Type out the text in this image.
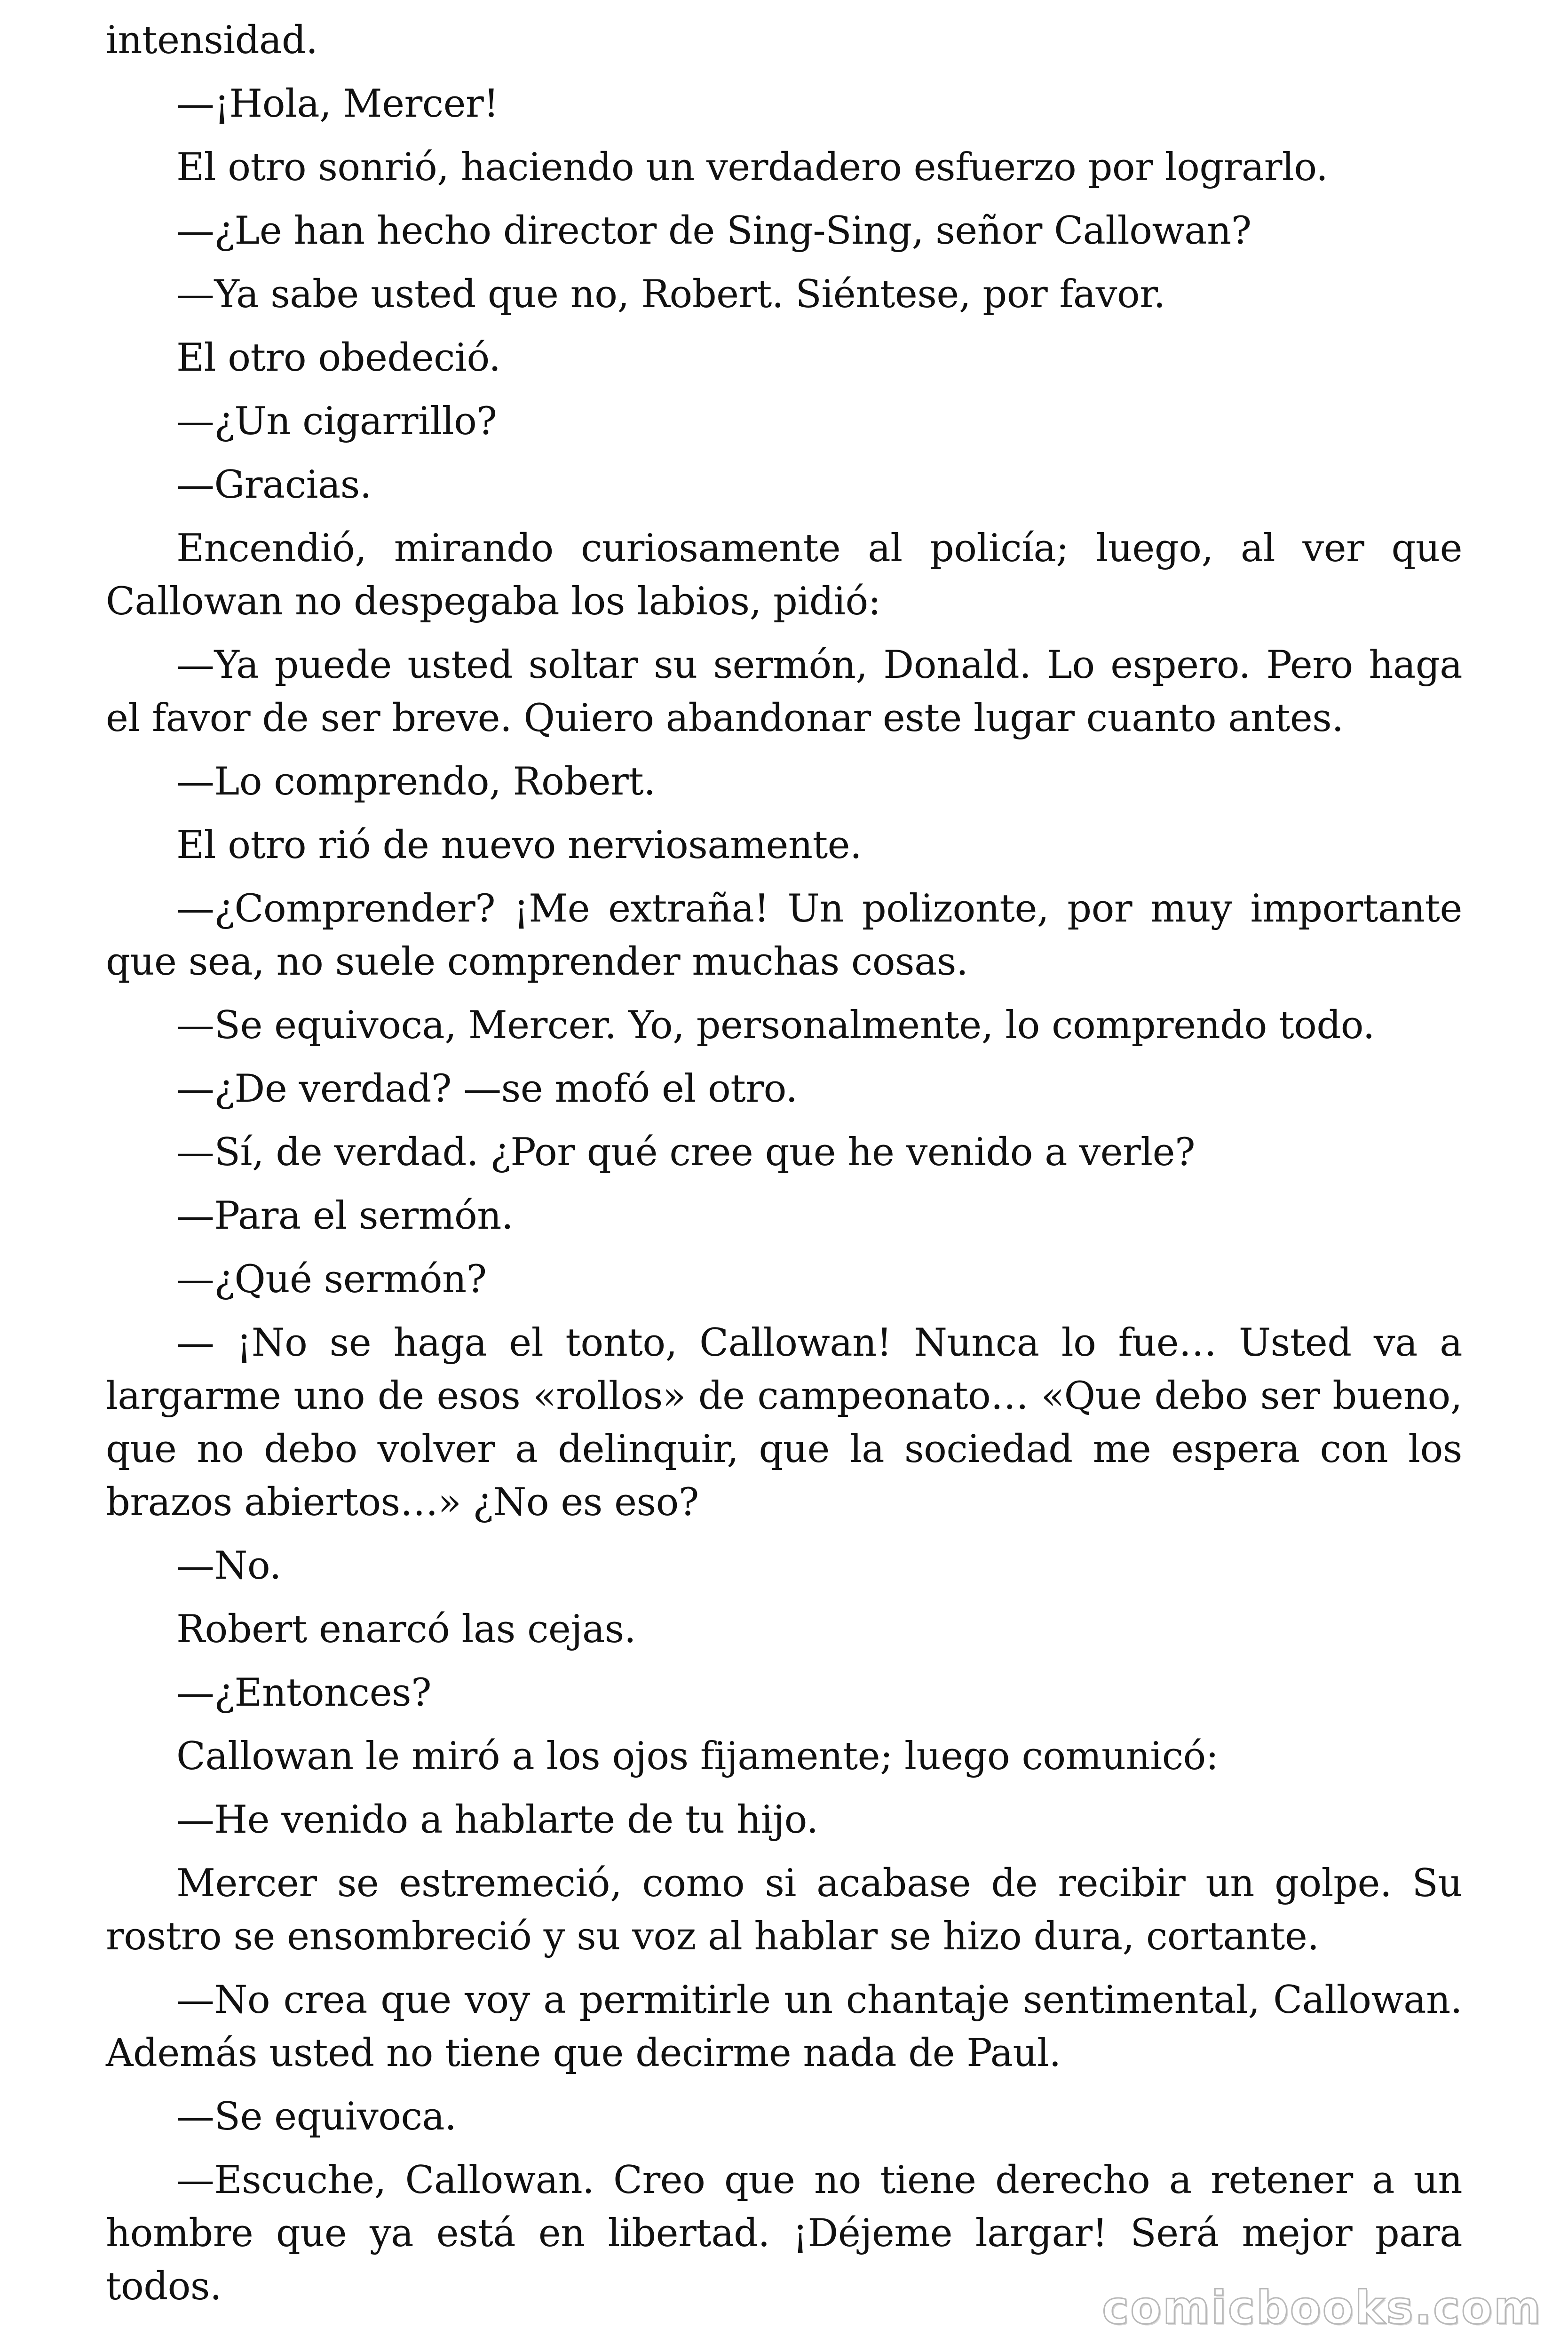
intensidad.

—¡Hola, Mercer!

El otro sonrió, haciendo un verdadero esfuerzo por lograrlo.

—¿Le han hecho director de Sing-Sing, señor Callowan?

—Ya sabe usted que no, Robert. Siéntese, por favor.

El otro obedeció.

—¿Un cigarrillo?

—Gracias.

Encendió, mirando curiosamente al policía; luego, al ver que Callowan no despegaba los labios, pidió:

—Ya puede usted soltar su sermón, Donald. Lo espero. Pero haga el favor de ser breve. Quiero abandonar este lugar cuanto antes.

—Lo comprendo, Robert.

El otro rió de nuevo nerviosamente.

—¿Comprender? ¡Me extraña! Un polizonte, por muy importante que sea, no suele comprender muchas cosas.

—Se equivoca, Mercer. Yo, personalmente, lo comprendo todo.

—¿De verdad? —se mofó el otro.

—Sí, de verdad. ¿Por qué cree que he venido a verle?

—Para el sermón.

—¿Qué sermón?

— ¡No se haga el tonto, Callowan! Nunca lo fue… Usted va a largarme uno de esos «rollos» de campeonato… «Que debo ser bueno, que no debo volver a delinquir, que la sociedad me espera con los brazos abiertos…» ¿No es eso?

—No.

Robert enarcó las cejas.

—¿Entonces?

Callowan le miró a los ojos fijamente; luego comunicó:

—He venido a hablarte de tu hijo.

Mercer se estremeció, como si acabase de recibir un golpe. Su rostro se ensombreció y su voz al hablar se hizo dura, cortante.

—No crea que voy a permitirle un chantaje sentimental, Callowan. Además usted no tiene que decirme nada de Paul.

—Se equivoca.

—Escuche, Callowan. Creo que no tiene derecho a retener a un hombre que ya está en libertad. ¡Déjeme largar! Será mejor para todos.	comicbooks.com
